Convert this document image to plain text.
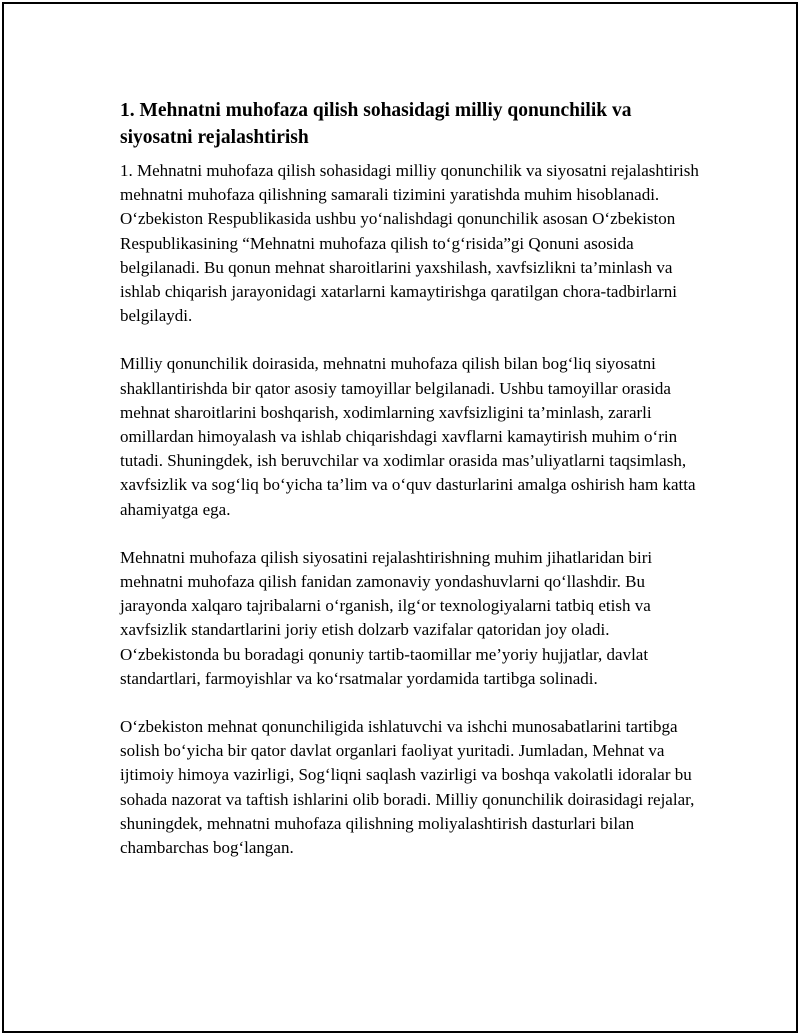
1. Mehnatni muhofaza qilish sohasidagi milliy qonunchilik va siyosatni rejalashtirish

1. Mehnatni muhofaza qilish sohasidagi milliy qonunchilik va siyosatni rejalashtirish mehnatni muhofaza qilishning samarali tizimini yaratishda muhim hisoblanadi. O‘zbekiston Respublikasida ushbu yo‘nalishdagi qonunchilik asosan O‘zbekiston Respublikasining “Mehnatni muhofaza qilish to‘g‘risida”gi Qonuni asosida belgilanadi. Bu qonun mehnat sharoitlarini yaxshilash, xavfsizlikni ta’minlash va ishlab chiqarish jarayonidagi xatarlarni kamaytirishga qaratilgan chora-tadbirlarni belgilaydi.

Milliy qonunchilik doirasida, mehnatni muhofaza qilish bilan bog‘liq siyosatni shakllantirishda bir qator asosiy tamoyillar belgilanadi. Ushbu tamoyillar orasida mehnat sharoitlarini boshqarish, xodimlarning xavfsizligini ta’minlash, zararli omillardan himoyalash va ishlab chiqarishdagi xavflarni kamaytirish muhim o‘rin tutadi. Shuningdek, ish beruvchilar va xodimlar orasida mas’uliyatlarni taqsimlash, xavfsizlik va sog‘liq bo‘yicha ta’lim va o‘quv dasturlarini amalga oshirish ham katta ahamiyatga ega.

Mehnatni muhofaza qilish siyosatini rejalashtirishning muhim jihatlaridan biri mehnatni muhofaza qilish fanidan zamonaviy yondashuvlarni qo‘llashdir. Bu jarayonda xalqaro tajribalarni o‘rganish, ilg‘or texnologiyalarni tatbiq etish va xavfsizlik standartlarini joriy etish dolzarb vazifalar qatoridan joy oladi. O‘zbekistonda bu boradagi qonuniy tartib-taomillar me’yoriy hujjatlar, davlat standartlari, farmoyishlar va ko‘rsatmalar yordamida tartibga solinadi.

O‘zbekiston mehnat qonunchiligida ishlatuvchi va ishchi munosabatlarini tartibga solish bo‘yicha bir qator davlat organlari faoliyat yuritadi. Jumladan, Mehnat va ijtimoiy himoya vazirligi, Sog‘liqni saqlash vazirligi va boshqa vakolatli idoralar bu sohada nazorat va taftish ishlarini olib boradi. Milliy qonunchilik doirasidagi rejalar, shuningdek, mehnatni muhofaza qilishning moliyalashtirish dasturlari bilan chambarchas bog‘langan.
